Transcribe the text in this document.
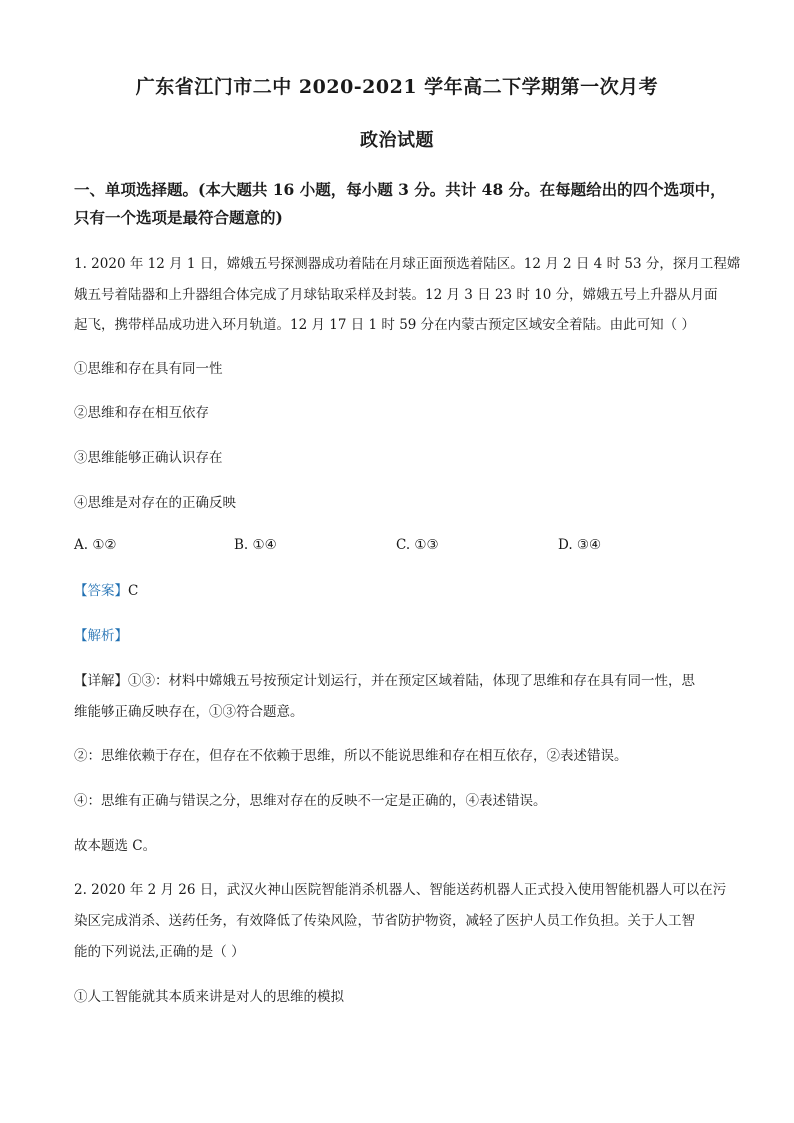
广东省江门市二中 2020-2021 学年高二下学期第一次月考
政治试题
一、单项选择题。(本大题共 16 小题，每小题 3 分。共计 48 分。在每题给出的四个选项中，
只有一个选项是最符合题意的)
1. 2020 年 12 月 1 日，嫦娥五号探测器成功着陆在月球正面预选着陆区。12 月 2 日 4 时 53 分，探月工程嫦
娥五号着陆器和上升器组合体完成了月球钻取采样及封装。12 月 3 日 23 时 10 分，嫦娥五号上升器从月面
起飞，携带样品成功进入环月轨道。12 月 17 日 1 时 59 分在内蒙古预定区域安全着陆。由此可知（ ）
①思维和存在具有同一性
②思维和存在相互依存
③思维能够正确认识存在
④思维是对存在的正确反映
A. ①②	B. ①④	C. ①③	D. ③④
【答案】C
【解析】
【详解】①③：材料中嫦娥五号按预定计划运行，并在预定区域着陆，体现了思维和存在具有同一性，思
维能够正确反映存在，①③符合题意。
②：思维依赖于存在，但存在不依赖于思维，所以不能说思维和存在相互依存，②表述错误。
④：思维有正确与错误之分，思维对存在的反映不一定是正确的，④表述错误。
故本题选 C。
2. 2020 年 2 月 26 日，武汉火神山医院智能消杀机器人、智能送药机器人正式投入使用智能机器人可以在污
染区完成消杀、送药任务，有效降低了传染风险，节省防护物资，减轻了医护人员工作负担。关于人工智
能的下列说法,正确的是（ ）
①人工智能就其本质来讲是对人的思维的模拟
